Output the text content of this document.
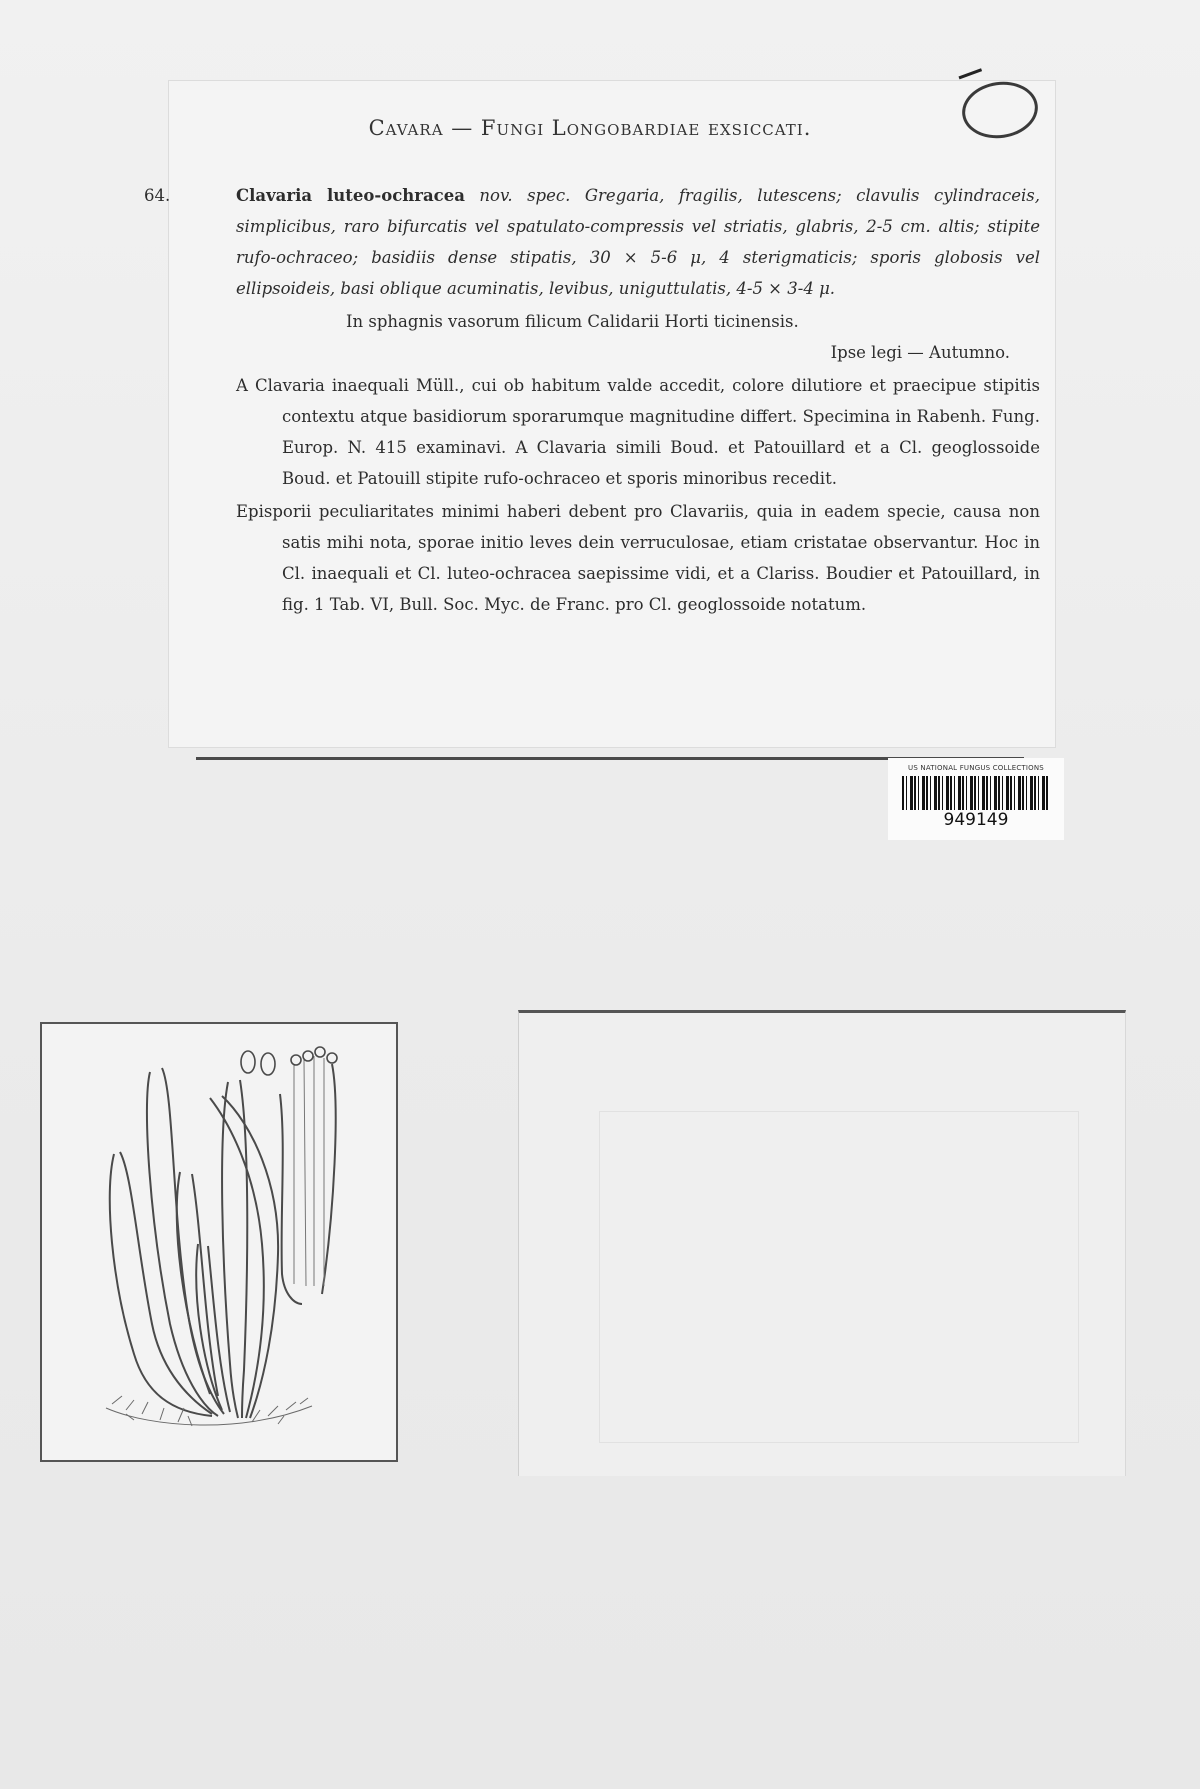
Cavara — Fungi Longobardiae exsiccati.

64.	Clavaria luteo-ochracea nov. spec. Gregaria, fragilis, lutescens; clavulis cylindraceis, simplicibus, raro bifurcatis vel spatulato-compressis vel striatis, glabris, 2-5 cm. altis; stipite rufo-ochraceo; basidiis dense stipatis, 30 × 5-6 μ, 4 sterigmaticis; sporis globosis vel ellipsoideis, basi oblique acuminatis, levibus, uniguttulatis, 4-5 × 3-4 μ.

In sphagnis vasorum filicum Calidarii Horti ticinensis.

Ipse legi — Autumno.

A Clavaria inaequali Müll., cui ob habitum valde accedit, colore dilutiore et praecipue stipitis contextu atque basidiorum sporarumque magnitudine differt. Specimina in Rabenh. Fung. Europ. N. 415 examinavi. A Clavaria simili Boud. et Patouillard et a Cl. geoglossoide Boud. et Patouill stipite rufo-ochraceo et sporis minoribus recedit.

Episporii peculiaritates minimi haberi debent pro Clavariis, quia in eadem specie, causa non satis mihi nota, sporae initio leves dein verruculosae, etiam cristatae observantur. Hoc in Cl. inaequali et Cl. luteo-ochracea saepissime vidi, et a Clariss. Boudier et Patouillard, in fig. 1 Tab. VI, Bull. Soc. Myc. de Franc. pro Cl. geoglossoide notatum.

US NATIONAL FUNGUS COLLECTIONS
949149
